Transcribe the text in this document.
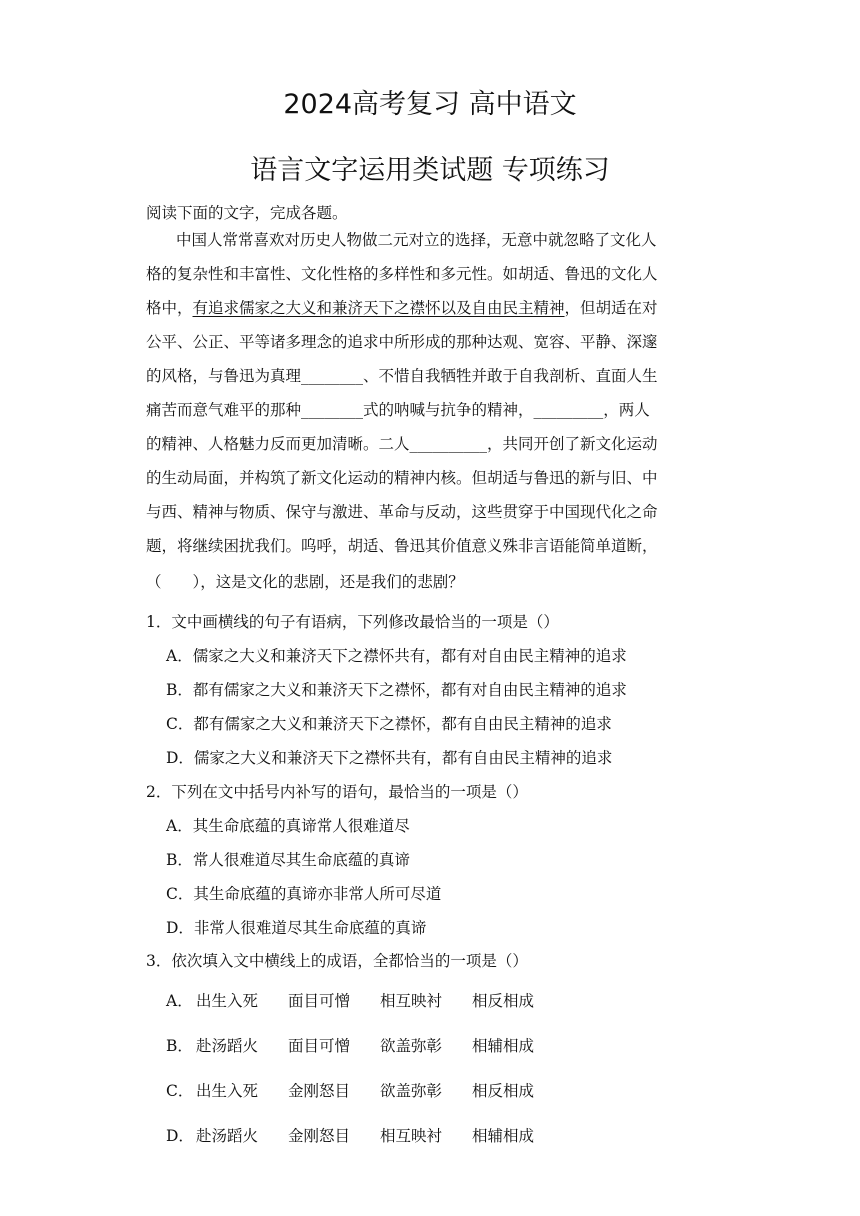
2024高考复习 高中语文
语言文字运用类试题 专项练习
阅读下面的文字，完成各题。
中国人常常喜欢对历史人物做二元对立的选择，无意中就忽略了文化人
格的复杂性和丰富性、文化性格的多样性和多元性。如胡适、鲁迅的文化人
格中，有追求儒家之大义和兼济天下之襟怀以及自由民主精神，但胡适在对
公平、公正、平等诸多理念的追求中所形成的那种达观、宽容、平静、深邃
的风格，与鲁迅为真理________、不惜自我牺牲并敢于自我剖析、直面人生
痛苦而意气难平的那种________式的呐喊与抗争的精神，_________，两人
的精神、人格魅力反而更加清晰。二人__________，共同开创了新文化运动
的生动局面，并构筑了新文化运动的精神内核。但胡适与鲁迅的新与旧、中
与西、精神与物质、保守与激进、革命与反动，这些贯穿于中国现代化之命
题，将继续困扰我们。呜呼，胡适、鲁迅其价值意义殊非言语能简单道断，
（　　），这是文化的悲剧，还是我们的悲剧？
1．文中画横线的句子有语病，下列修改最恰当的一项是（）
A．儒家之大义和兼济天下之襟怀共有，都有对自由民主精神的追求
B．都有儒家之大义和兼济天下之襟怀，都有对自由民主精神的追求
C．都有儒家之大义和兼济天下之襟怀，都有自由民主精神的追求
D．儒家之大义和兼济天下之襟怀共有，都有自由民主精神的追求
2．下列在文中括号内补写的语句，最恰当的一项是（）
A．其生命底蕴的真谛常人很难道尽
B．常人很难道尽其生命底蕴的真谛
C．其生命底蕴的真谛亦非常人所可尽道
D．非常人很难道尽其生命底蕴的真谛
3．依次填入文中横线上的成语，全都恰当的一项是（）
A． 出生入死 面目可憎 相互映衬 相反相成
B． 赴汤蹈火 面目可憎 欲盖弥彰 相辅相成
C． 出生入死 金刚怒目 欲盖弥彰 相反相成
D． 赴汤蹈火 金刚怒目 相互映衬 相辅相成
